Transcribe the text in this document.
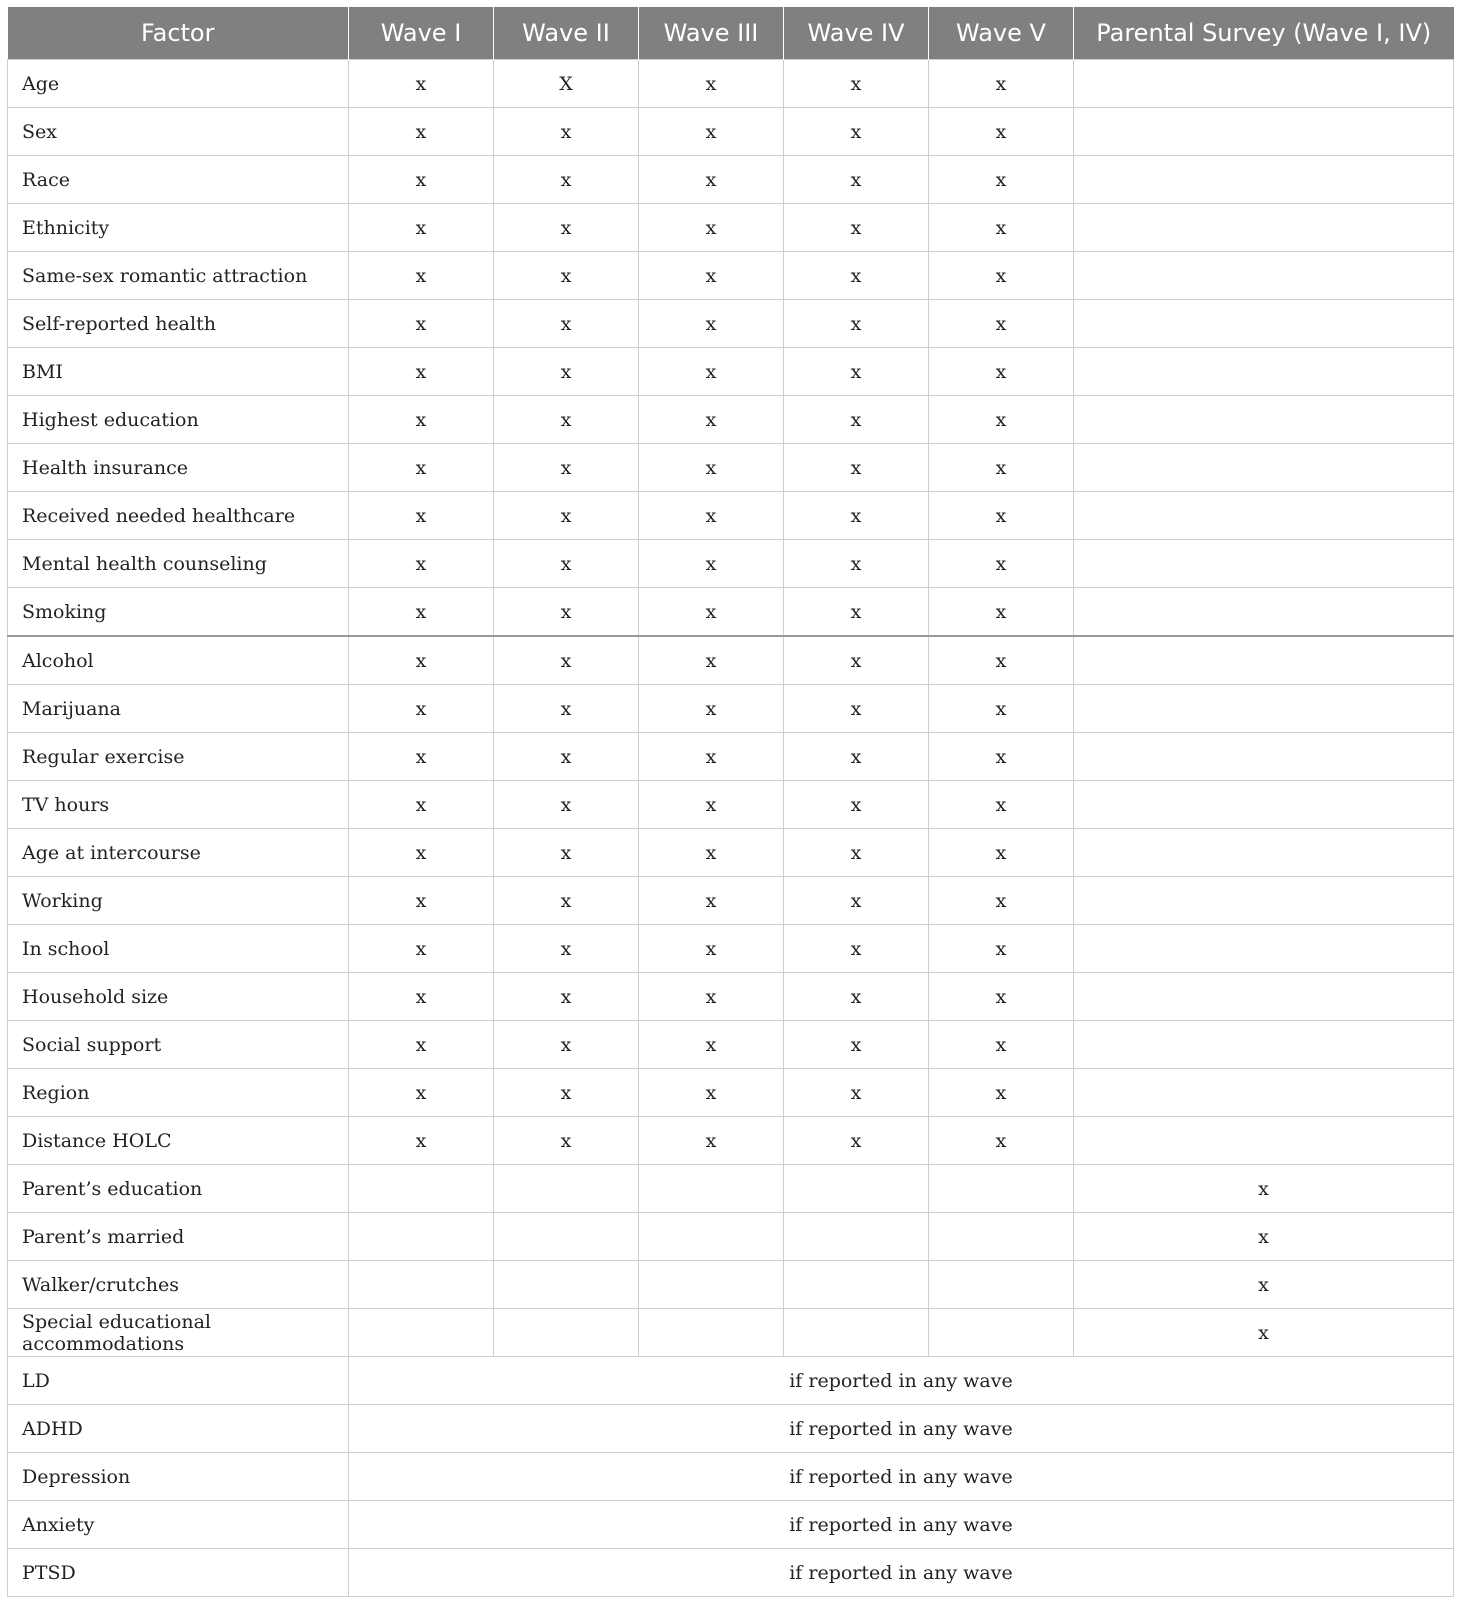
Factor	Wave I	Wave II	Wave III	Wave IV	Wave V	Parental Survey (Wave I, IV)
Age	x	X	x	x	x	
Sex	x	x	x	x	x	
Race	x	x	x	x	x	
Ethnicity	x	x	x	x	x	
Same-sex romantic attraction	x	x	x	x	x	
Self-reported health	x	x	x	x	x	
BMI	x	x	x	x	x	
Highest education	x	x	x	x	x	
Health insurance	x	x	x	x	x	
Received needed healthcare	x	x	x	x	x	
Mental health counseling	x	x	x	x	x	
Smoking	x	x	x	x	x	
Alcohol	x	x	x	x	x	
Marijuana	x	x	x	x	x	
Regular exercise	x	x	x	x	x	
TV hours	x	x	x	x	x	
Age at intercourse	x	x	x	x	x	
Working	x	x	x	x	x	
In school	x	x	x	x	x	
Household size	x	x	x	x	x	
Social support	x	x	x	x	x	
Region	x	x	x	x	x	
Distance HOLC	x	x	x	x	x	
Parent’s education						x
Parent’s married						x
Walker/crutches						x
Special educational accommodations						x
LD	if reported in any wave					
ADHD	if reported in any wave					
Depression	if reported in any wave					
Anxiety	if reported in any wave					
PTSD	if reported in any wave					
